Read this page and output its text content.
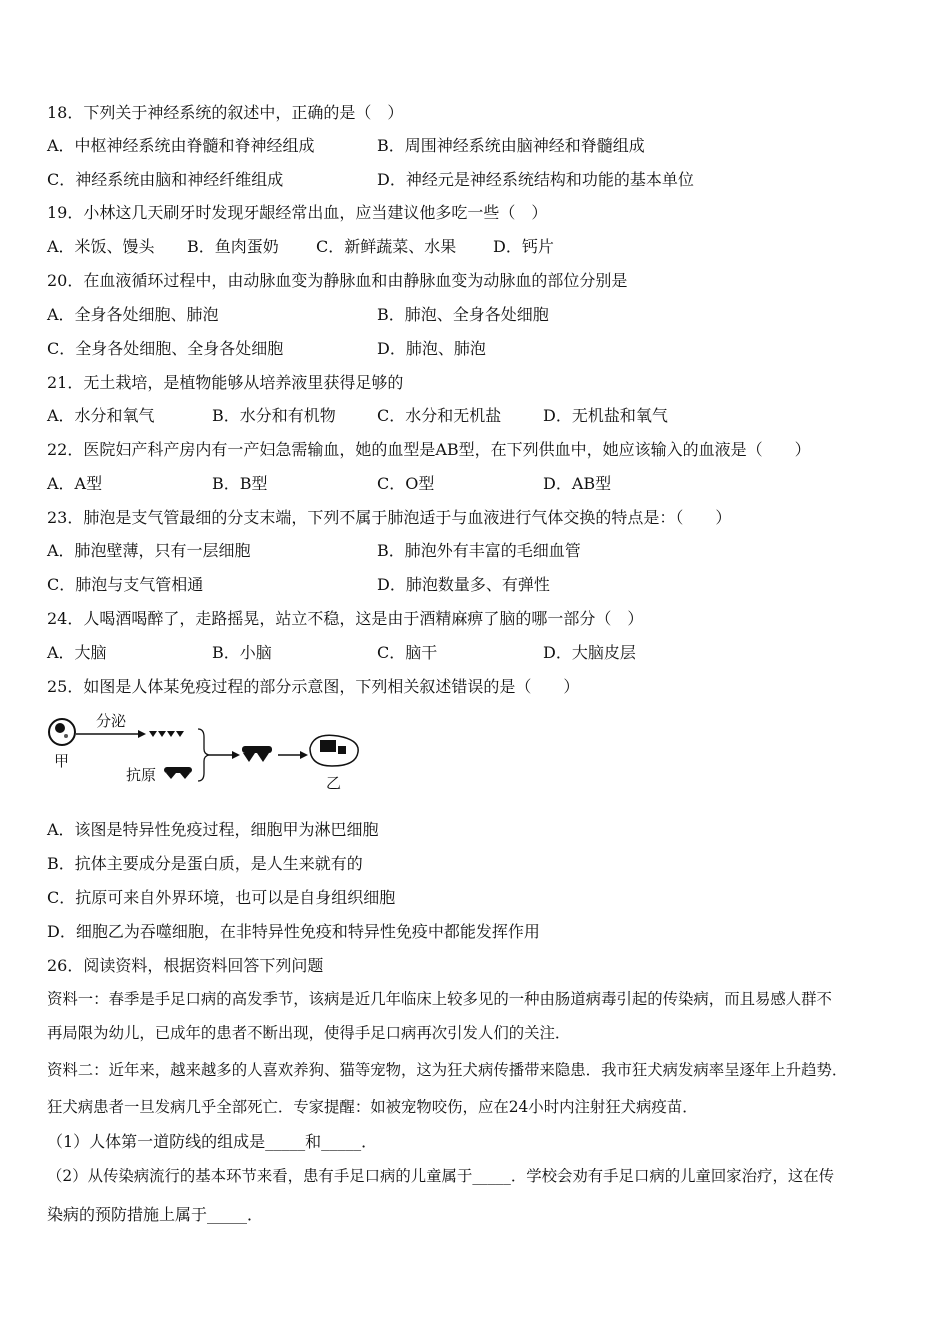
18．下列关于神经系统的叙述中，正确的是（　）
A．中枢神经系统由脊髓和脊神经组成	B．周围神经系统由脑神经和脊髓组成
C．神经系统由脑和神经纤维组成	D．神经元是神经系统结构和功能的基本单位
19．小林这几天刷牙时发现牙龈经常出血，应当建议他多吃一些（　）
A．米饭、馒头 B．鱼肉蛋奶 C．新鲜蔬菜、水果 D．钙片
20．在血液循环过程中，由动脉血变为静脉血和由静脉血变为动脉血的部位分别是
A．全身各处细胞、肺泡	B．肺泡、全身各处细胞
C．全身各处细胞、全身各处细胞	D．肺泡、肺泡
21．无土栽培，是植物能够从培养液里获得足够的
A．水分和氧气	B．水分和有机物	C．水分和无机盐	D．无机盐和氧气
22．医院妇产科产房内有一产妇急需输血，她的血型是AB型，在下列供血中，她应该输入的血液是（　　）
A．A型	B．B型	C．O型	D．AB型
23．肺泡是支气管最细的分支末端，下列不属于肺泡适于与血液进行气体交换的特点是：（　　）
A．肺泡壁薄，只有一层细胞	B．肺泡外有丰富的毛细血管
C．肺泡与支气管相通	D．肺泡数量多、有弹性
24．人喝酒喝醉了，走路摇晃，站立不稳，这是由于酒精麻痹了脑的哪一部分（　）
A．大脑	B．小脑	C．脑干	D．大脑皮层
25．如图是人体某免疫过程的部分示意图，下列相关叙述错误的是（　　）
甲
分泌
抗原	乙
A．该图是特异性免疫过程，细胞甲为淋巴细胞
B．抗体主要成分是蛋白质，是人生来就有的
C．抗原可来自外界环境，也可以是自身组织细胞
D．细胞乙为吞噬细胞，在非特异性免疫和特异性免疫中都能发挥作用
26．阅读资料，根据资料回答下列问题
资料一：春季是手足口病的高发季节，该病是近几年临床上较多见的一种由肠道病毒引起的传染病，而且易感人群不
再局限为幼儿，已成年的患者不断出现，使得手足口病再次引发人们的关注．
资料二：近年来，越来越多的人喜欢养狗、猫等宠物，这为狂犬病传播带来隐患．我市狂犬病发病率呈逐年上升趋势．
狂犬病患者一旦发病几乎全部死亡．专家提醒：如被宠物咬伤，应在24小时内注射狂犬病疫苗．
（1）人体第一道防线的组成是_____和_____．
（2）从传染病流行的基本环节来看，患有手足口病的儿童属于_____．学校会劝有手足口病的儿童回家治疗，这在传
染病的预防措施上属于_____．
